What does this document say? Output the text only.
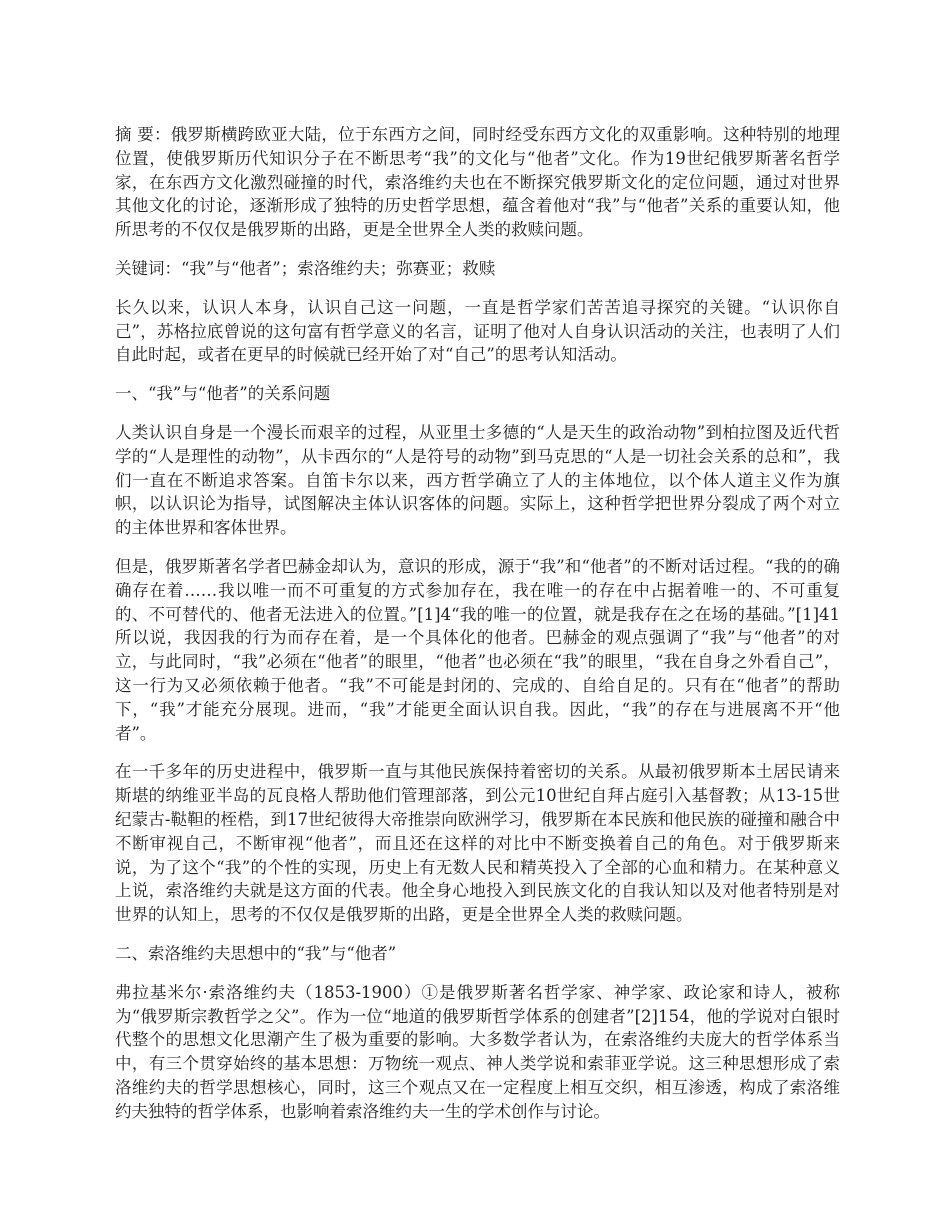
摘 要：俄罗斯横跨欧亚大陆，位于东西方之间，同时经受东西方文化的双重影响。这种特别的地理位置，使俄罗斯历代知识分子在不断思考“我”的文化与“他者”文化。作为19世纪俄罗斯著名哲学家，在东西方文化激烈碰撞的时代，索洛维约夫也在不断探究俄罗斯文化的定位问题，通过对世界其他文化的讨论，逐渐形成了独特的历史哲学思想，蕴含着他对“我”与“他者”关系的重要认知，他所思考的不仅仅是俄罗斯的出路，更是全世界全人类的救赎问题。

关键词：“我”与“他者”；索洛维约夫；弥赛亚；救赎

长久以来，认识人本身，认识自己这一问题，一直是哲学家们苦苦追寻探究的关键。“认识你自己”，苏格拉底曾说的这句富有哲学意义的名言，证明了他对人自身认识活动的关注，也表明了人们自此时起，或者在更早的时候就已经开始了对“自己”的思考认知活动。

一、“我”与“他者”的关系问题

人类认识自身是一个漫长而艰辛的过程，从亚里士多德的“人是天生的政治动物”到柏拉图及近代哲学的“人是理性的动物”，从卡西尔的“人是符号的动物”到马克思的“人是一切社会关系的总和”，我们一直在不断追求答案。自笛卡尔以来，西方哲学确立了人的主体地位，以个体人道主义作为旗帜，以认识论为指导，试图解决主体认识客体的问题。实际上，这种哲学把世界分裂成了两个对立的主体世界和客体世界。

但是，俄罗斯著名学者巴赫金却认为，意识的形成，源于“我”和“他者”的不断对话过程。“我的的确确存在着……我以唯一而不可重复的方式参加存在，我在唯一的存在中占据着唯一的、不可重复的、不可替代的、他者无法进入的位置。”[1]4“我的唯一的位置，就是我存在之在场的基础。”[1]41所以说，我因我的行为而存在着，是一个具体化的他者。巴赫金的观点强调了“我”与“他者”的对立，与此同时，“我”必须在“他者”的眼里，“他者”也必须在“我”的眼里，“我在自身之外看自己”，这一行为又必须依赖于他者。“我”不可能是封闭的、完成的、自给自足的。只有在“他者”的帮助下，“我”才能充分展现。进而，“我”才能更全面认识自我。因此，“我”的存在与进展离不开“他者”。

在一千多年的历史进程中，俄罗斯一直与其他民族保持着密切的关系。从最初俄罗斯本土居民请来斯堪的纳维亚半岛的瓦良格人帮助他们管理部落，到公元10世纪自拜占庭引入基督教；从13-15世纪蒙古-鞑靼的桎梏，到17世纪彼得大帝推崇向欧洲学习，俄罗斯在本民族和他民族的碰撞和融合中不断审视自己，不断审视“他者”，而且还在这样的对比中不断变换着自己的角色。对于俄罗斯来说，为了这个“我”的个性的实现，历史上有无数人民和精英投入了全部的心血和精力。在某种意义上说，索洛维约夫就是这方面的代表。他全身心地投入到民族文化的自我认知以及对他者特别是对世界的认知上，思考的不仅仅是俄罗斯的出路，更是全世界全人类的救赎问题。

二、索洛维约夫思想中的“我”与“他者”

弗拉基米尔·索洛维约夫（1853-1900）①是俄罗斯著名哲学家、神学家、政论家和诗人，被称为“俄罗斯宗教哲学之父”。作为一位“地道的俄罗斯哲学体系的创建者”[2]154，他的学说对白银时代整个的思想文化思潮产生了极为重要的影响。大多数学者认为，在索洛维约夫庞大的哲学体系当中，有三个贯穿始终的基本思想：万物统一观点、神人类学说和索菲亚学说。这三种思想形成了索洛维约夫的哲学思想核心，同时，这三个观点又在一定程度上相互交织，相互渗透，构成了索洛维约夫独特的哲学体系，也影响着索洛维约夫一生的学术创作与讨论。
